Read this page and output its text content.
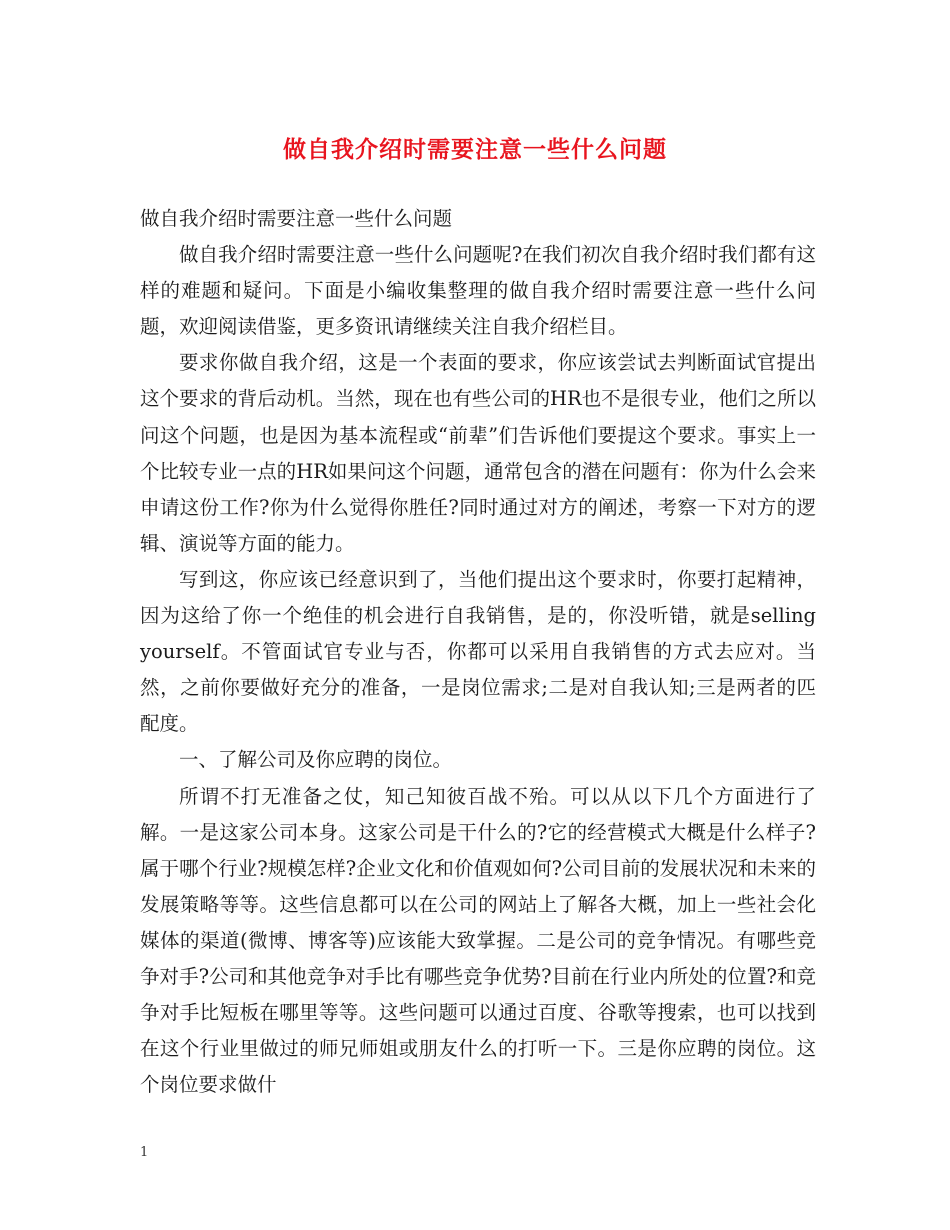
做自我介绍时需要注意一些什么问题

做自我介绍时需要注意一些什么问题

做自我介绍时需要注意一些什么问题呢?在我们初次自我介绍时我们都有这样的难题和疑问。下面是小编收集整理的做自我介绍时需要注意一些什么问题，欢迎阅读借鉴，更多资讯请继续关注自我介绍栏目。

要求你做自我介绍，这是一个表面的要求，你应该尝试去判断面试官提出这个要求的背后动机。当然，现在也有些公司的HR也不是很专业，他们之所以问这个问题，也是因为基本流程或“前辈”们告诉他们要提这个要求。事实上一个比较专业一点的HR如果问这个问题，通常包含的潜在问题有：你为什么会来申请这份工作?你为什么觉得你胜任?同时通过对方的阐述，考察一下对方的逻辑、演说等方面的能力。

写到这，你应该已经意识到了，当他们提出这个要求时，你要打起精神，因为这给了你一个绝佳的机会进行自我销售，是的，你没听错，就是selling yourself。不管面试官专业与否，你都可以采用自我销售的方式去应对。当然，之前你要做好充分的准备，一是岗位需求;二是对自我认知;三是两者的匹配度。

一、了解公司及你应聘的岗位。

所谓不打无准备之仗，知己知彼百战不殆。可以从以下几个方面进行了解。一是这家公司本身。这家公司是干什么的?它的经营模式大概是什么样子?属于哪个行业?规模怎样?企业文化和价值观如何?公司目前的发展状况和未来的发展策略等等。这些信息都可以在公司的网站上了解各大概，加上一些社会化媒体的渠道(微博、博客等)应该能大致掌握。二是公司的竞争情况。有哪些竞争对手?公司和其他竞争对手比有哪些竞争优势?目前在行业内所处的位置?和竞争对手比短板在哪里等等。这些问题可以通过百度、谷歌等搜索，也可以找到在这个行业里做过的师兄师姐或朋友什么的打听一下。三是你应聘的岗位。这个岗位要求做什

1
